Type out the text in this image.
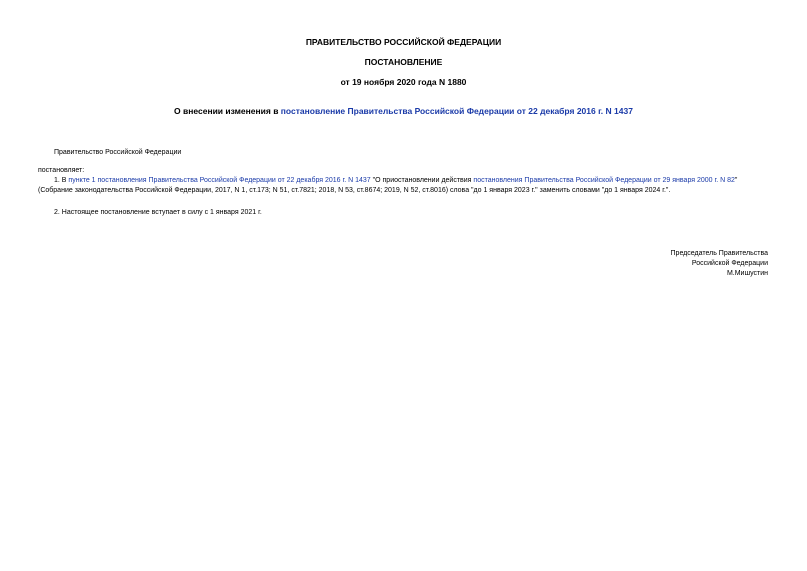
ПРАВИТЕЛЬСТВО РОССИЙСКОЙ ФЕДЕРАЦИИ
ПОСТАНОВЛЕНИЕ
от 19 ноября 2020 года N 1880
О внесении изменения в постановление Правительства Российской Федерации от 22 декабря 2016 г. N 1437
Правительство Российской Федерации
постановляет:
1. В пункте 1 постановления Правительства Российской Федерации от 22 декабря 2016 г. N 1437 "О приостановлении действия постановления Правительства Российской Федерации от 29 января 2000 г. N 82"
(Собрание законодательства Российской Федерации, 2017, N 1, ст.173; N 51, ст.7821; 2018, N 53, ст.8674; 2019, N 52, ст.8016) слова "до 1 января 2023 г." заменить словами "до 1 января 2024 г.".
2. Настоящее постановление вступает в силу с 1 января 2021 г.
Председатель Правительства
Российской Федерации
М.Мишустин
